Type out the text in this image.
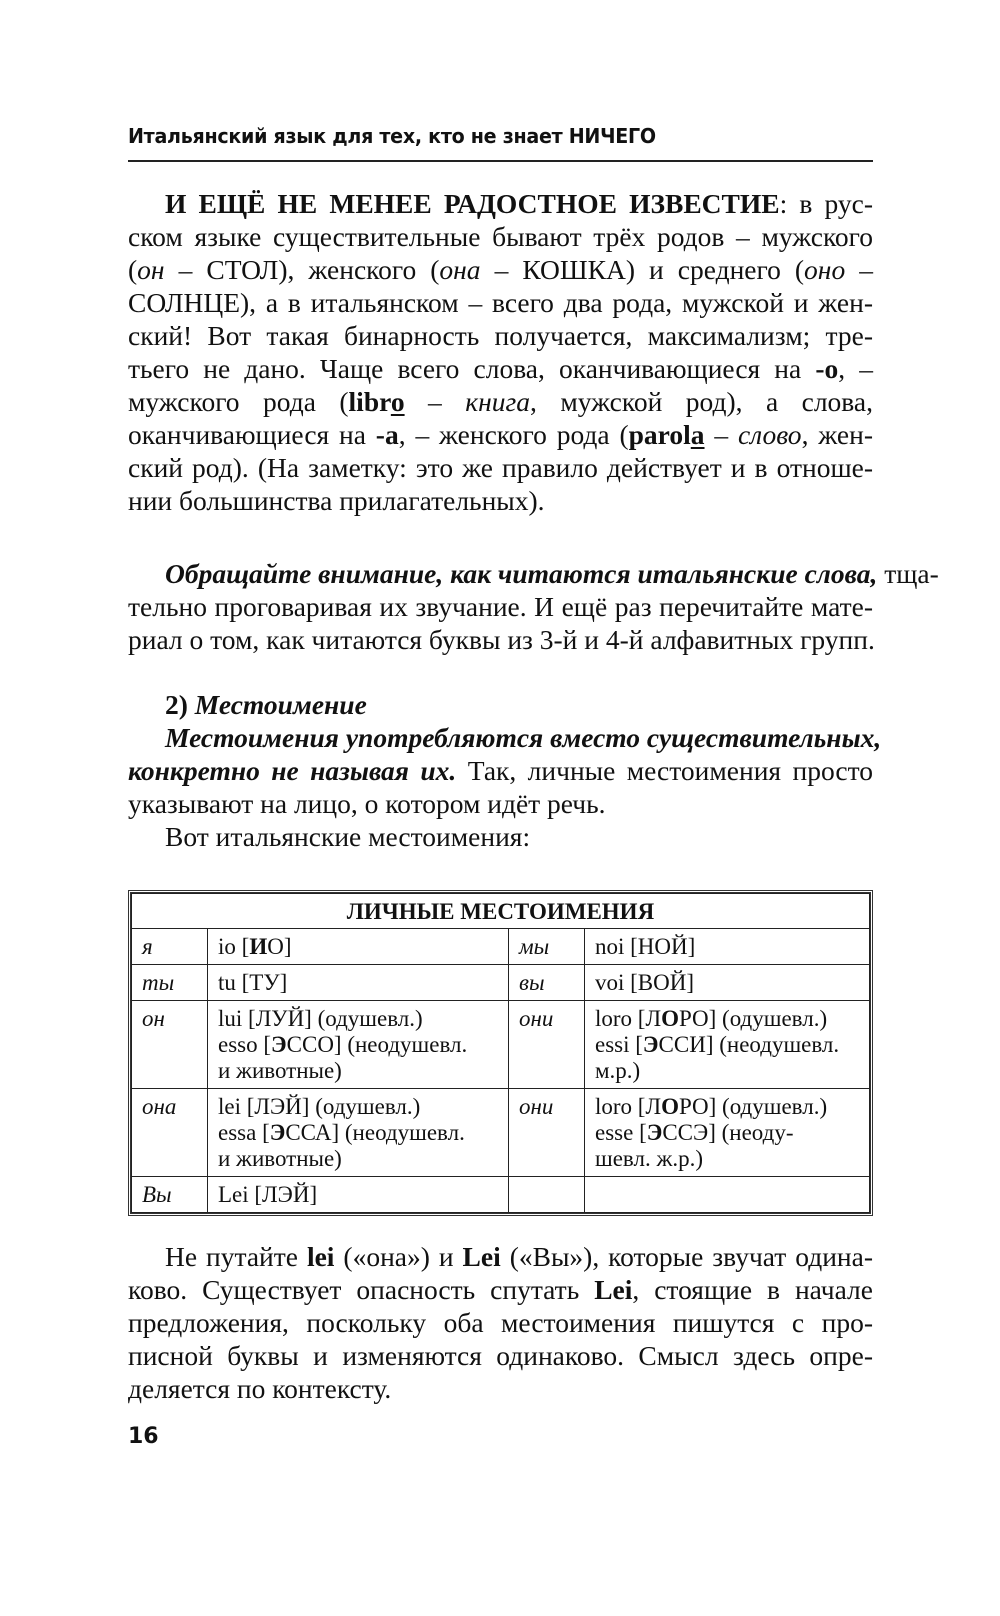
Итальянский язык для тех, кто не знает НИЧЕГО
И ЕЩЁ НЕ МЕНЕЕ РАДОСТНОЕ ИЗВЕСТИЕ: в рус-
ском языке существительные бывают трёх родов – мужского
(он – СТОЛ), женского (она – КОШКА) и среднего (оно –
СОЛНЦЕ), а в итальянском – всего два рода, мужской и жен-
ский! Вот такая бинарность получается, максимализм; тре-
тьего не дано. Чаще всего слова, оканчивающиеся на -о, –
мужского рода (libro – книга, мужской род), а слова,
оканчивающиеся на -а, – женского рода (parola – слово, жен-
ский род). (На заметку: это же правило действует и в отноше-
нии большинства прилагательных).
Обращайте внимание, как читаются итальянские слова, тща-
тельно проговаривая их звучание. И ещё раз перечитайте мате-
риал о том, как читаются буквы из 3-й и 4-й алфавитных групп.
2) Местоимение
Местоимения употребляются вместо существительных,
конкретно не называя их. Так, личные местоимения просто
указывают на лицо, о котором идёт речь.
Вот итальянские местоимения:
ЛИЧНЫЕ МЕСТОИМЕНИЯ			
я	io [ИО]	мы	noi [НОЙ]

ты	tu [ТУ]	вы	voi [ВОЙ]

он	lui [ЛУЙ] (одушевл.)
esso [ЭССО] (неодушевл.
и животные)
	они	loro [ЛОРО] (одушевл.)
essi [ЭССИ] (неодушевл.
м.р.)

она	lei [ЛЭЙ] (одушевл.)
essa [ЭССА] (неодушевл.
и животные)
	они	loro [ЛОРО] (одушевл.)
esse [ЭССЭ] (неоду-
шевл. ж.р.)

Вы	Lei [ЛЭЙ]		

Не путайте lei («она») и Lei («Вы»), которые звучат одина-
ково. Существует опасность спутать Lei, стоящие в начале
предложения, поскольку оба местоимения пишутся с про-
писной буквы и изменяются одинаково. Смысл здесь опре-
деляется по контексту.
16
